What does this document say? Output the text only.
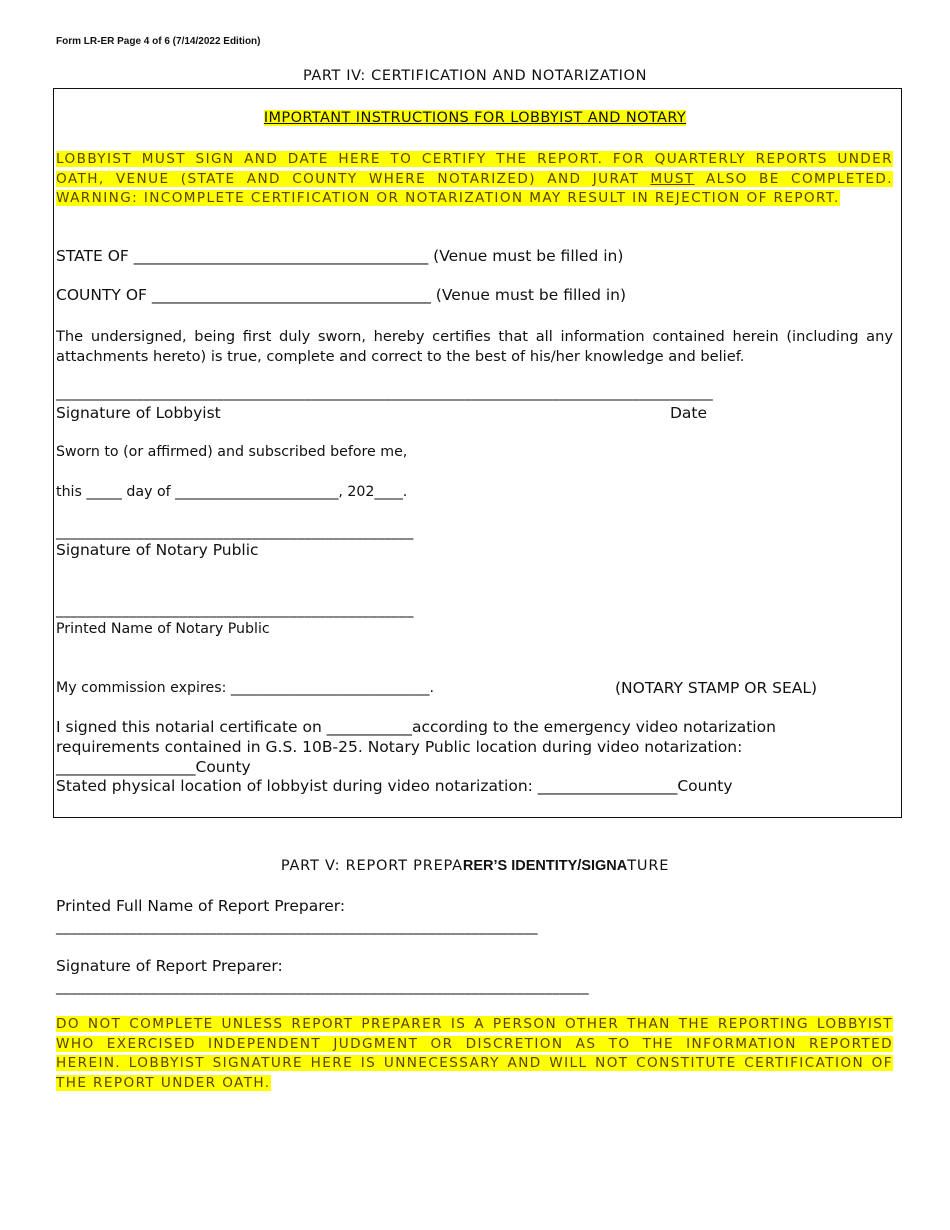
Form LR-ER Page 4 of 6 (7/14/2022 Edition)
PART IV: CERTIFICATION AND NOTARIZATION
IMPORTANT INSTRUCTIONS FOR LOBBYIST AND NOTARY
LOBBYIST MUST SIGN AND DATE HERE TO CERTIFY THE REPORT. FOR QUARTERLY REPORTS UNDER OATH, VENUE (STATE AND COUNTY WHERE NOTARIZED) AND JURAT MUST ALSO BE COMPLETED. WARNING: INCOMPLETE CERTIFICATION OR NOTARIZATION MAY RESULT IN REJECTION OF REPORT.
STATE OF ______________________________________ (Venue must be filled in)
COUNTY OF ____________________________________ (Venue must be filled in)
The undersigned, being first duly sworn, hereby certifies that all information contained herein (including any attachments hereto) is true, complete and correct to the best of his/her knowledge and belief.
__________________________________________________________________________________________
Signature of Lobbyist	Date
Sworn to (or affirmed) and subscribed before me,
this _____ day of _______________________, 202____.
_________________________________________________
Signature of Notary Public
_________________________________________________
Printed Name of Notary Public
My commission expires: ____________________________.	(NOTARY STAMP OR SEAL)
I signed this notarial certificate on ___________according to the emergency video notarization
requirements contained in G.S. 10B-25. Notary Public location during video notarization:
__________________County
Stated physical location of lobbyist during video notarization: __________________County
PART V: REPORT PREPARER’S IDENTITY/SIGNATURE
Printed Full Name of Report Preparer:
__________________________________________________________________
Signature of Report Preparer:
_________________________________________________________________________
DO NOT COMPLETE UNLESS REPORT PREPARER IS A PERSON OTHER THAN THE REPORTING LOBBYIST WHO EXERCISED INDEPENDENT JUDGMENT OR DISCRETION AS TO THE INFORMATION REPORTED HEREIN. LOBBYIST SIGNATURE HERE IS UNNECESSARY AND WILL NOT CONSTITUTE CERTIFICATION OF THE REPORT UNDER OATH.
